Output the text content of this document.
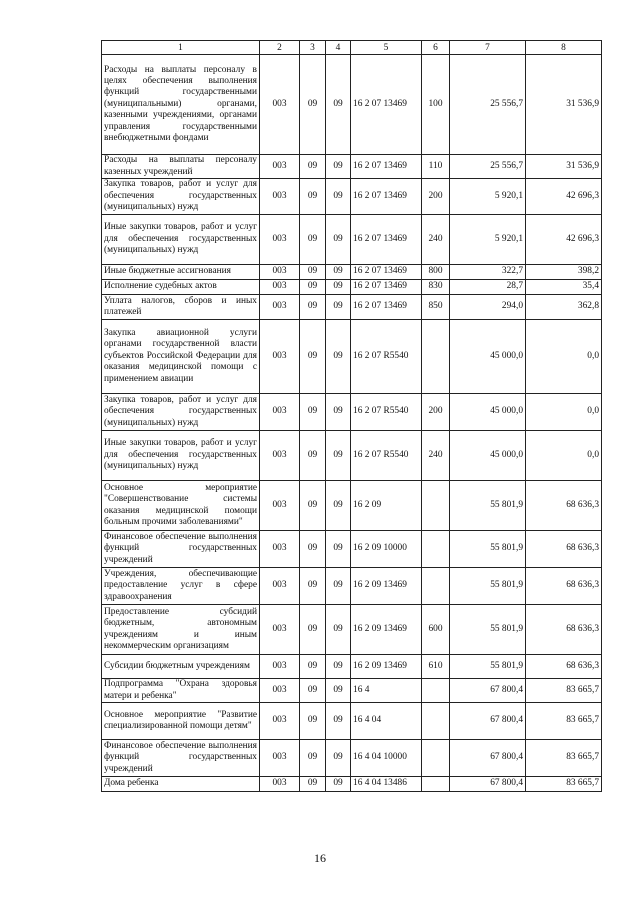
1	2	3	4	5	6	7	8
Расходы на выплаты персоналу в целях обеспечения выполнения функций государственными (муниципальными) органами, казенными учреждениями, органами управления государственными внебюджетными фондами	003	09	09	16 2 07 13469	100	25 556,7	31 536,9
Расходы на выплаты персоналу казенных учреждений	003	09	09	16 2 07 13469	110	25 556,7	31 536,9
Закупка товаров, работ и услуг для обеспечения государственных (муниципальных) нужд	003	09	09	16 2 07 13469	200	5 920,1	42 696,3
Иные закупки товаров, работ и услуг для обеспечения государственных (муниципальных) нужд	003	09	09	16 2 07 13469	240	5 920,1	42 696,3
Иные бюджетные ассигнования	003	09	09	16 2 07 13469	800	322,7	398,2
Исполнение судебных актов	003	09	09	16 2 07 13469	830	28,7	35,4
Уплата налогов, сборов и иных платежей	003	09	09	16 2 07 13469	850	294,0	362,8
Закупка авиационной услуги органами государственной власти субъектов Российской Федерации для оказания медицинской помощи с применением авиации	003	09	09	16 2 07 R5540		45 000,0	0,0
Закупка товаров, работ и услуг для обеспечения государственных (муниципальных) нужд	003	09	09	16 2 07 R5540	200	45 000,0	0,0
Иные закупки товаров, работ и услуг для обеспечения государственных (муниципальных) нужд	003	09	09	16 2 07 R5540	240	45 000,0	0,0
Основное мероприятие "Совершенствование системы оказания медицинской помощи больным прочими заболеваниями"	003	09	09	16 2 09		55 801,9	68 636,3
Финансовое обеспечение выполнения функций государственных учреждений	003	09	09	16 2 09 10000		55 801,9	68 636,3
Учреждения, обеспечивающие предоставление услуг в сфере здравоохранения	003	09	09	16 2 09 13469		55 801,9	68 636,3
Предоставление субсидий бюджетным, автономным учреждениям и иным некоммерческим организациям	003	09	09	16 2 09 13469	600	55 801,9	68 636,3
Субсидии бюджетным учреждениям	003	09	09	16 2 09 13469	610	55 801,9	68 636,3
Подпрограмма "Охрана здоровья матери и ребенка"	003	09	09	16 4		67 800,4	83 665,7
Основное мероприятие "Развитие специализированной помощи детям"	003	09	09	16 4 04		67 800,4	83 665,7
Финансовое обеспечение выполнения функций государственных учреждений	003	09	09	16 4 04 10000		67 800,4	83 665,7
Дома ребенка	003	09	09	16 4 04 13486		67 800,4	83 665,7
16
